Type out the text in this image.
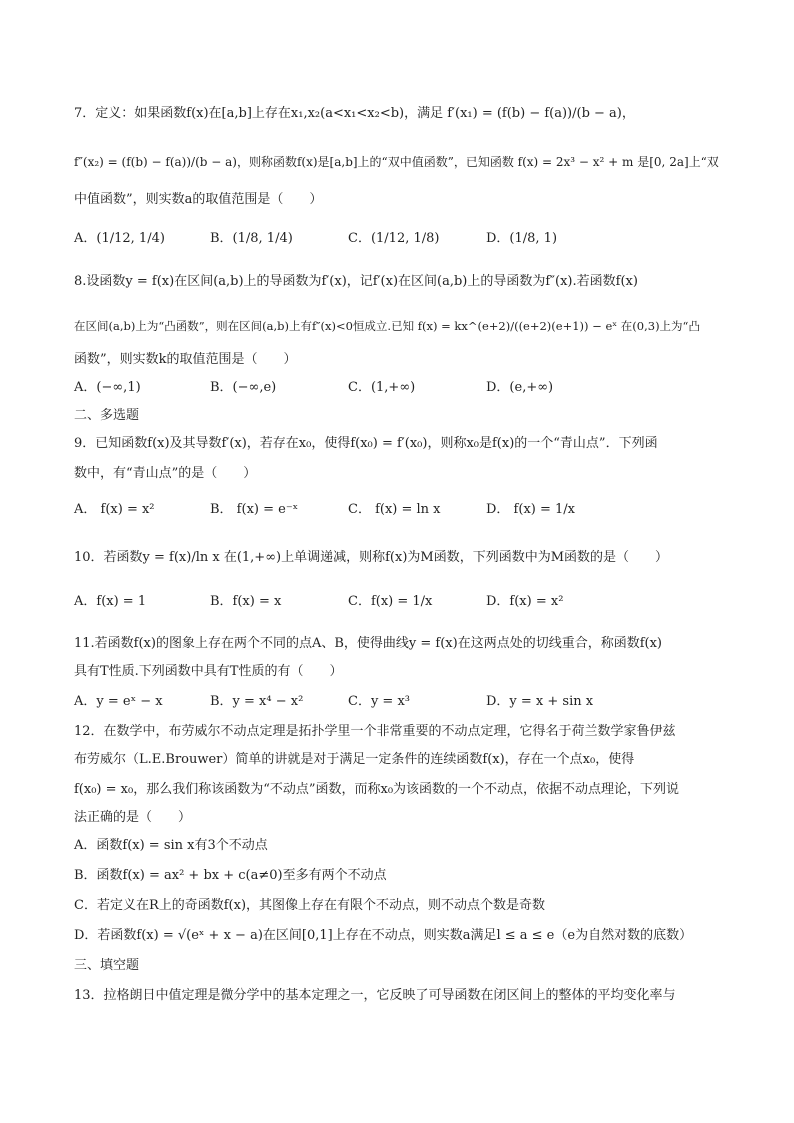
7．定义：如果函数f(x)在[a,b]上存在x₁,x₂(a<x₁<x₂<b)，满足 f′(x₁) = (f(b) − f(a))/(b − a)，
f″(x₂) = (f(b) − f(a))/(b − a)，则称函数f(x)是[a,b]上的“双中值函数”，已知函数 f(x) = 2x³ − x² + m 是[0, 2a]上“双
中值函数”，则实数a的取值范围是（　　）
A．(1/12, 1/4)	B．(1/8, 1/4)	C．(1/12, 1/8)	D．(1/8, 1)
8.设函数y = f(x)在区间(a,b)上的导函数为f′(x)，记f′(x)在区间(a,b)上的导函数为f″(x).若函数f(x)
在区间(a,b)上为“凸函数”，则在区间(a,b)上有f″(x)<0恒成立.已知 f(x) = kx^(e+2)/((e+2)(e+1)) − eˣ 在(0,3)上为“凸
函数”，则实数k的取值范围是（　　）
A．(−∞,1)	B．(−∞,e)	C．(1,+∞)	D．(e,+∞)
二、多选题
9．已知函数f(x)及其导数f′(x)，若存在x₀，使得f(x₀) = f′(x₀)，则称x₀是f(x)的一个“青山点”．下列函
数中，有“青山点”的是（　　）
A． f(x) = x²	B． f(x) = e⁻ˣ	C． f(x) = ln x	D． f(x) = 1/x
10．若函数y = f(x)/ln x 在(1,+∞)上单调递减，则称f(x)为M函数，下列函数中为M函数的是（　　）
A．f(x) = 1	B．f(x) = x	C．f(x) = 1/x	D．f(x) = x²
11.若函数f(x)的图象上存在两个不同的点A、B，使得曲线y = f(x)在这两点处的切线重合，称函数f(x)
具有T性质.下列函数中具有T性质的有（　　）
A．y = eˣ − x	B．y = x⁴ − x²	C．y = x³	D．y = x + sin x
12．在数学中，布劳威尔不动点定理是拓扑学里一个非常重要的不动点定理，它得名于荷兰数学家鲁伊兹
布劳威尔（L.E.Brouwer）简单的讲就是对于满足一定条件的连续函数f(x)，存在一个点x₀，使得
f(x₀) = x₀，那么我们称该函数为“不动点”函数，而称x₀为该函数的一个不动点，依据不动点理论，下列说
法正确的是（　　）
A．函数f(x) = sin x有3个不动点
B．函数f(x) = ax² + bx + c(a≠0)至多有两个不动点
C．若定义在R上的奇函数f(x)，其图像上存在有限个不动点，则不动点个数是奇数
D．若函数f(x) = √(eˣ + x − a)在区间[0,1]上存在不动点，则实数a满足l ≤ a ≤ e（e为自然对数的底数）
三、填空题
13．拉格朗日中值定理是微分学中的基本定理之一，它反映了可导函数在闭区间上的整体的平均变化率与
